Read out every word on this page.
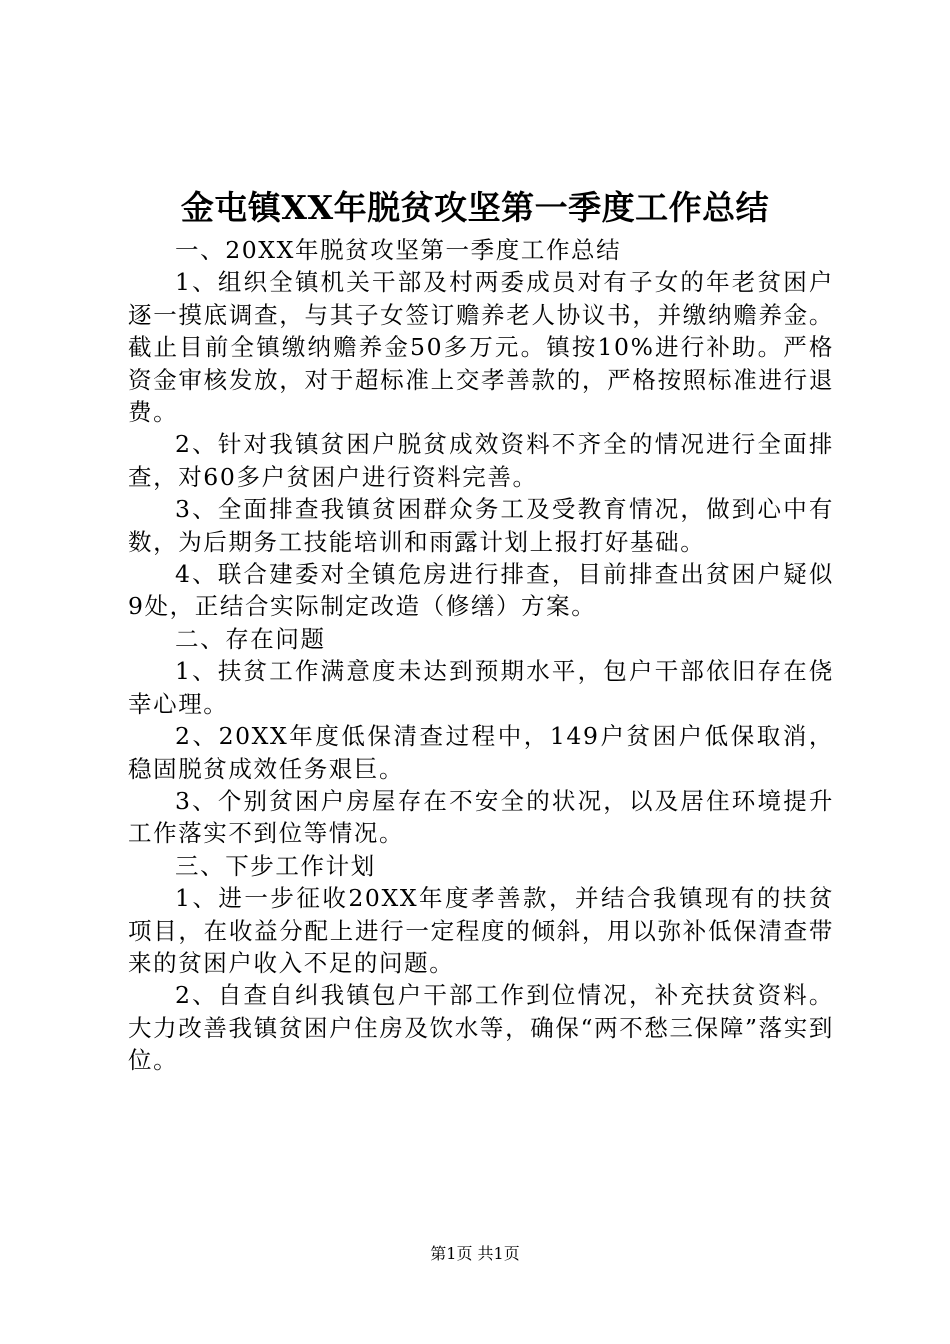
金屯镇XX年脱贫攻坚第一季度工作总结

一、20XX年脱贫攻坚第一季度工作总结

1、组织全镇机关干部及村两委成员对有子女的年老贫困户逐一摸底调查，与其子女签订赡养老人协议书，并缴纳赡养金。截止目前全镇缴纳赡养金50多万元。镇按10%进行补助。严格资金审核发放，对于超标准上交孝善款的，严格按照标准进行退费。

2、针对我镇贫困户脱贫成效资料不齐全的情况进行全面排查，对60多户贫困户进行资料完善。

3、全面排查我镇贫困群众务工及受教育情况，做到心中有数，为后期务工技能培训和雨露计划上报打好基础。

4、联合建委对全镇危房进行排查，目前排查出贫困户疑似9处，正结合实际制定改造（修缮）方案。

二、存在问题

1、扶贫工作满意度未达到预期水平，包户干部依旧存在侥幸心理。

2、20XX年度低保清查过程中，149户贫困户低保取消，稳固脱贫成效任务艰巨。

3、个别贫困户房屋存在不安全的状况，以及居住环境提升工作落实不到位等情况。

三、下步工作计划

1、进一步征收20XX年度孝善款，并结合我镇现有的扶贫项目，在收益分配上进行一定程度的倾斜，用以弥补低保清查带来的贫困户收入不足的问题。

2、自查自纠我镇包户干部工作到位情况，补充扶贫资料。大力改善我镇贫困户住房及饮水等，确保“两不愁三保障”落实到位。

第1页 共1页
